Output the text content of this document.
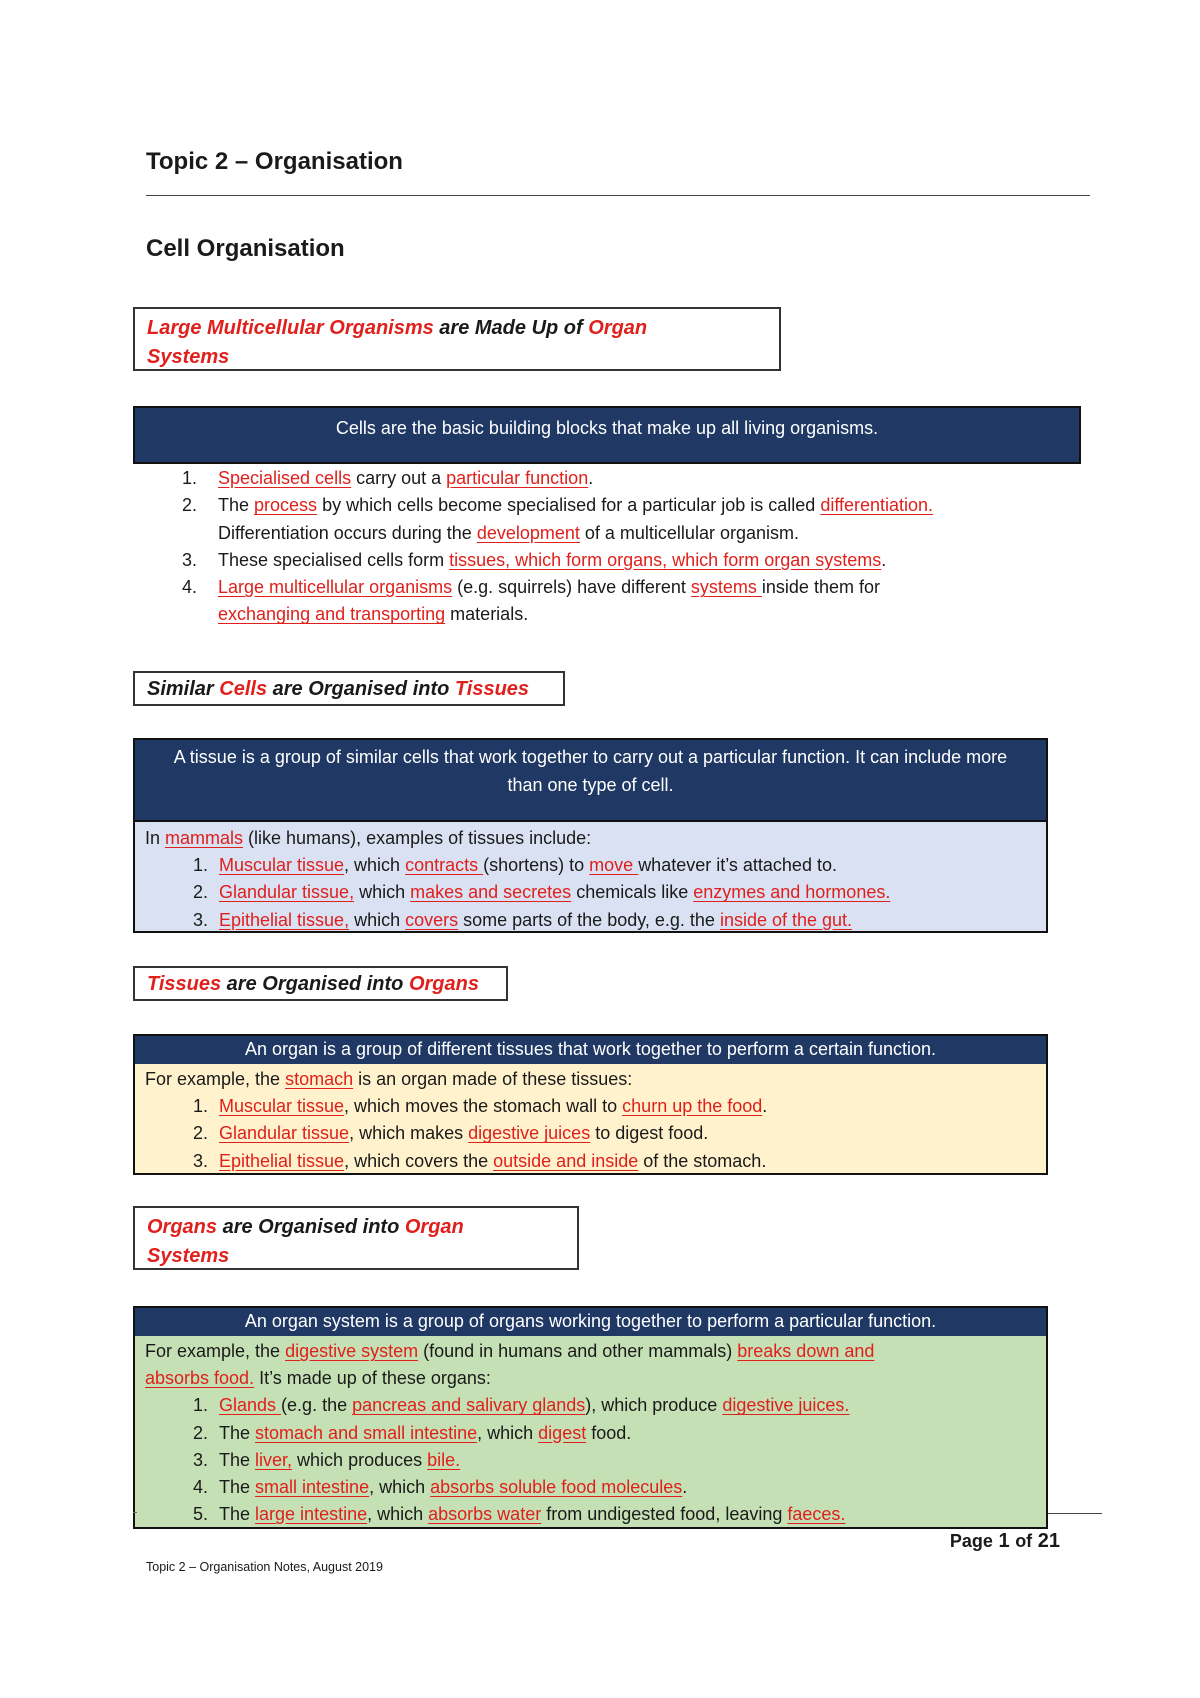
Topic 2 – Organisation
Cell Organisation
Large Multicellular Organisms are Made Up of Organ
Systems
Cells are the basic building blocks that make up all living organisms.
1. Specialised cells carry out a particular function.
2. The process by which cells become specialised for a particular job is called differentiation.
Differentiation occurs during the development of a multicellular organism.
3. These specialised cells form tissues, which form organs, which form organ systems.
4. Large multicellular organisms (e.g. squirrels) have different systems inside them for
exchanging and transporting materials.
Similar Cells are Organised into Tissues
A tissue is a group of similar cells that work together to carry out a particular function. It can include more than one type of cell.
In mammals (like humans), examples of tissues include:
1. Muscular tissue, which contracts (shortens) to move whatever it’s attached to.
2. Glandular tissue, which makes and secretes chemicals like enzymes and hormones.
3. Epithelial tissue, which covers some parts of the body, e.g. the inside of the gut.
Tissues are Organised into Organs
An organ is a group of different tissues that work together to perform a certain function.
For example, the stomach is an organ made of these tissues:
1. Muscular tissue, which moves the stomach wall to churn up the food.
2. Glandular tissue, which makes digestive juices to digest food.
3. Epithelial tissue, which covers the outside and inside of the stomach.
Organs are Organised into Organ
Systems
An organ system is a group of organs working together to perform a particular function.
For example, the digestive system (found in humans and other mammals) breaks down and
absorbs food. It’s made up of these organs:
1. Glands (e.g. the pancreas and salivary glands), which produce digestive juices.
2. The stomach and small intestine, which digest food.
3. The liver, which produces bile.
4. The small intestine, which absorbs soluble food molecules.
5. The large intestine, which absorbs water from undigested food, leaving faeces.
Page 1 of 21
Topic 2 – Organisation Notes, August 2019
